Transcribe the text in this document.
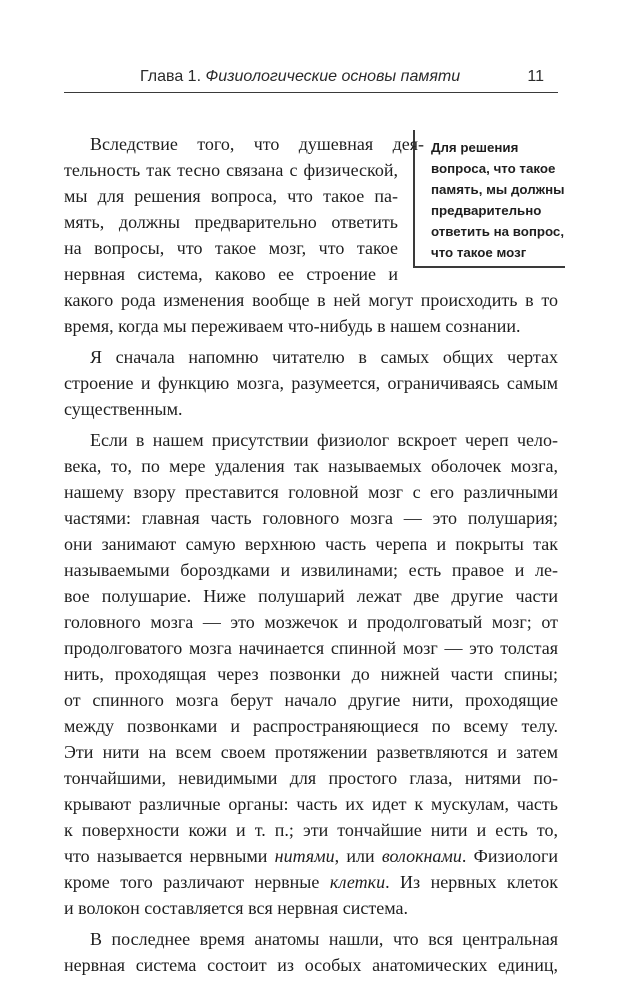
Глава 1. Физиологические основы памяти	11
Для решения
вопроса, что такое
память, мы должны
предварительно
ответить на вопрос,
что такое мозг
Вследствие того, что душевная дея-
тельность так тесно связана с физической,
мы для решения вопроса, что такое па-
мять, должны предварительно ответить
на вопросы, что такое мозг, что такое
нервная система, каково ее строение и
какого рода изменения вообще в ней могут происходить в то
время, когда мы переживаем что-нибудь в нашем сознании.
Я сначала напомню читателю в самых общих чертах
строение и функцию мозга, разумеется, ограничиваясь самым
существенным.
Если в нашем присутствии физиолог вскроет череп чело-
века, то, по мере удаления так называемых оболочек мозга,
нашему взору преставится головной мозг с его различными
частями: главная часть головного мозга — это полушария;
они занимают самую верхнюю часть черепа и покрыты так
называемыми бороздками и извилинами; есть правое и ле-
вое полушарие. Ниже полушарий лежат две другие части
головного мозга — это мозжечок и продолговатый мозг; от
продолговатого мозга начинается спинной мозг — это толстая
нить, проходящая через позвонки до нижней части спины;
от спинного мозга берут начало другие нити, проходящие
между позвонками и распространяющиеся по всему телу.
Эти нити на всем своем протяжении разветвляются и затем
тончайшими, невидимыми для простого глаза, нитями по-
крывают различные органы: часть их идет к мускулам, часть
к поверхности кожи и т. п.; эти тончайшие нити и есть то,
что называется нервными нитями, или волокнами. Физиологи
кроме того различают нервные клетки. Из нервных клеток
и волокон составляется вся нервная система.
В последнее время анатомы нашли, что вся центральная
нервная система состоит из особых анатомических единиц,
